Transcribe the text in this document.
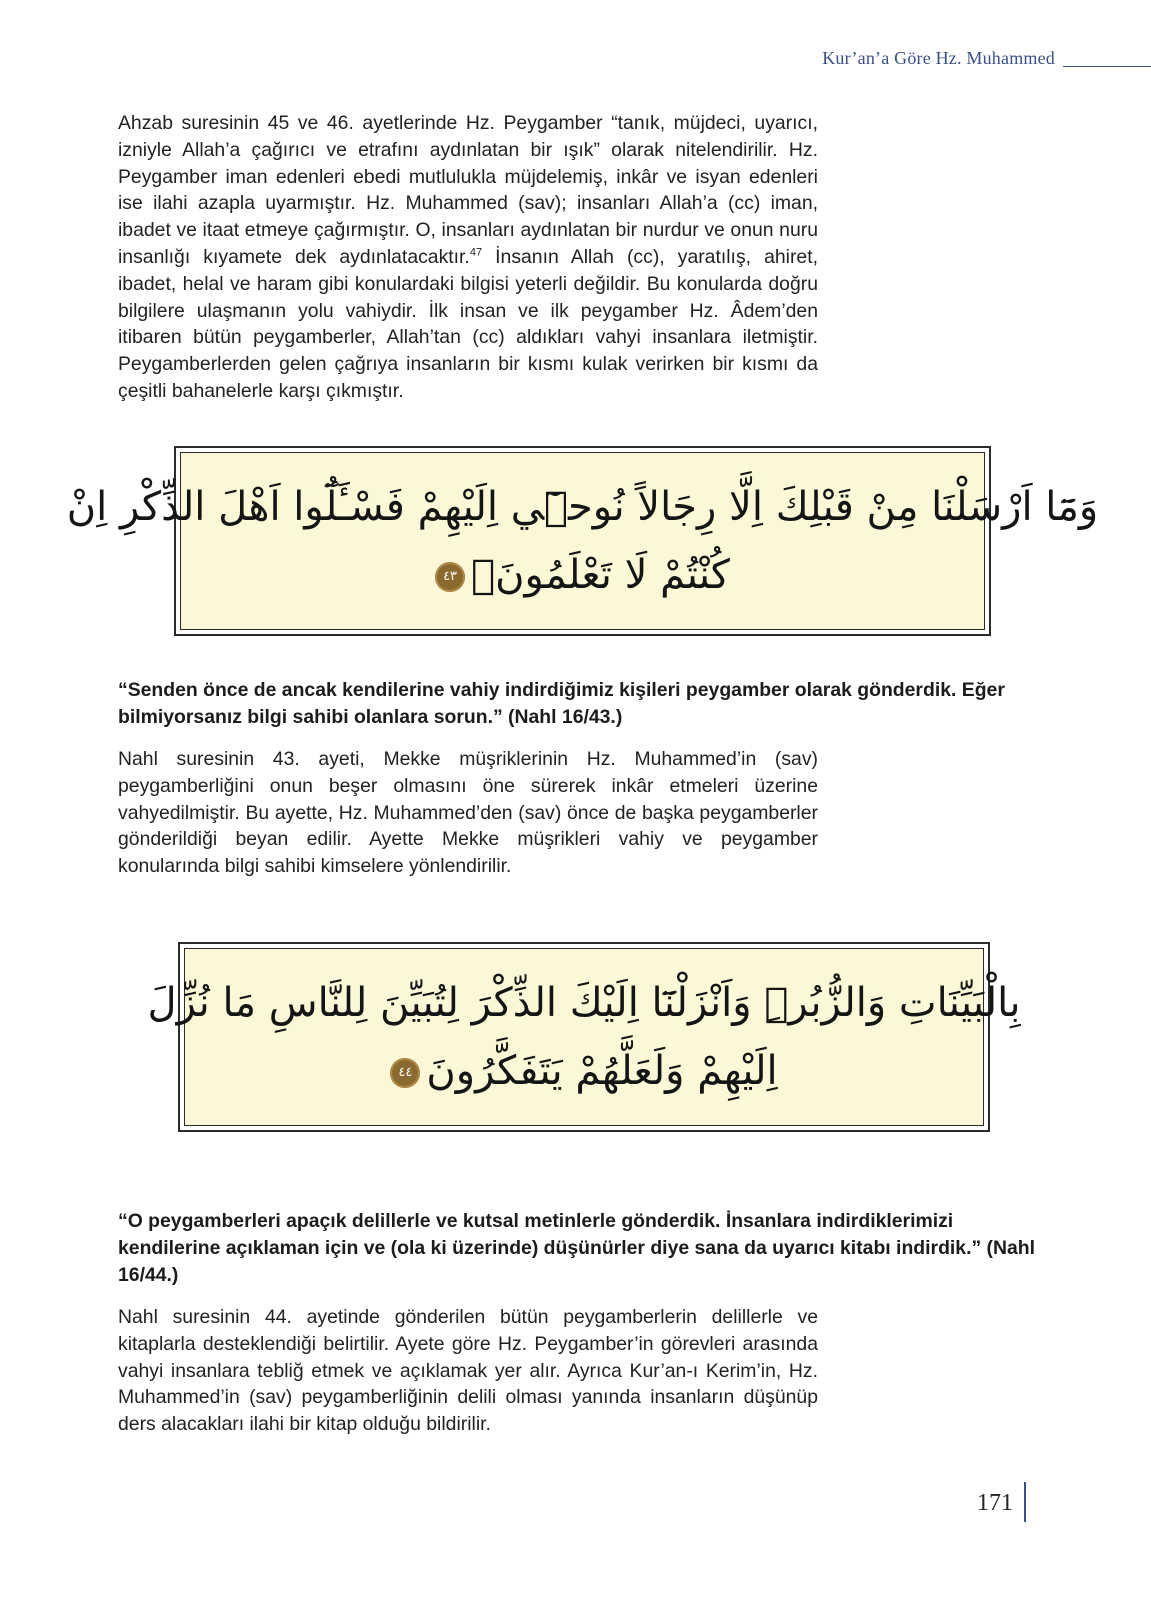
Kur’an’a Göre Hz. Muhammed

Ahzab suresinin 45 ve 46. ayetlerinde Hz. Peygamber “tanık, müjdeci, uyarıcı, izniyle Allah’a çağırıcı ve etrafını aydınlatan bir ışık” olarak nitelendirilir. Hz. Peygamber iman edenleri ebedi mutlulukla müjdelemiş, inkâr ve isyan edenleri ise ilahi azapla uyarmıştır. Hz. Muhammed (sav); insanları Allah’a (cc) iman, ibadet ve itaat etmeye çağırmıştır. O, insanları aydınlatan bir nurdur ve onun nuru insanlığı kıyamete dek aydınlatacaktır.$^{47}$ İnsanın Allah (cc), yaratılış, ahiret, ibadet, helal ve haram gibi konulardaki bilgisi yeterli değildir. Bu konularda doğru bilgilere ulaşmanın yolu vahiydir. İlk insan ve ilk peygamber Hz. Âdem’den itibaren bütün peygamberler, Allah’tan (cc) aldıkları vahyi insanlara iletmiştir. Peygamberlerden gelen çağrıya insanların bir kısmı kulak verirken bir kısmı da çeşitli bahanelerle karşı çıkmıştır.

وَمَٓا اَرْسَلْنَا مِنْ قَبْلِكَ اِلَّا رِجَالاً نُوح۪ٓي اِلَيْهِمْ فَسْـَٔلُٓوا اَهْلَ الذِّكْرِ اِنْ
كُنْتُمْ لَا تَعْلَمُونَۙ٤٣

“Senden önce de ancak kendilerine vahiy indirdiğimiz kişileri peygamber olarak gönderdik. Eğer bilmiyorsanız bilgi sahibi olanlara sorun.” (Nahl 16/43.)

Nahl suresinin 43. ayeti, Mekke müşriklerinin Hz. Muhammed’in (sav) peygamberliğini onun beşer olmasını öne sürerek inkâr etmeleri üzerine vahyedilmiştir. Bu ayette, Hz. Muhammed’den (sav) önce de başka peygamberler gönderildiği beyan edilir. Ayette Mekke müşrikleri vahiy ve peygamber konularında bilgi sahibi kimselere yönlendirilir.

بِالْبَيِّنَاتِ وَالزُّبُرِۜ وَاَنْزَلْنَٓا اِلَيْكَ الذِّكْرَ لِتُبَيِّنَ لِلنَّاسِ مَا نُزِّلَ
اِلَيْهِمْ وَلَعَلَّهُمْ يَتَفَكَّرُونَ٤٤

“O peygamberleri apaçık delillerle ve kutsal metinlerle gönderdik. İnsanlara indirdiklerimizi kendilerine açıklaman için ve (ola ki üzerinde) düşünürler diye sana da uyarıcı kitabı indirdik.” (Nahl 16/44.)

Nahl suresinin 44. ayetinde gönderilen bütün peygamberlerin delillerle ve kitaplarla desteklendiği belirtilir. Ayete göre Hz. Peygamber’in görevleri arasında vahyi insanlara tebliğ etmek ve açıklamak yer alır. Ayrıca Kur’an-ı Kerim’in, Hz. Muhammed’in (sav) peygamberliğinin delili olması yanında insanların düşünüp ders alacakları ilahi bir kitap olduğu bildirilir.

171
